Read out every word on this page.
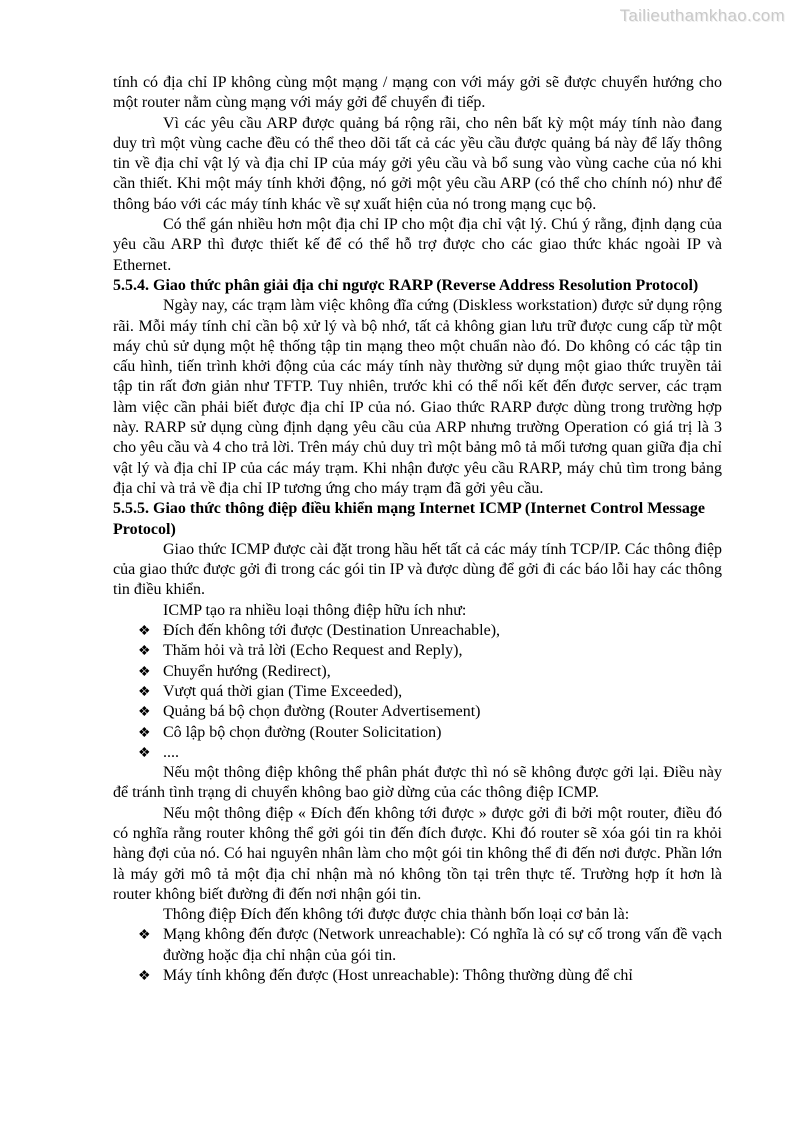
Tailieuthamkhao.com

tính có địa chỉ IP không cùng một mạng / mạng con với máy gởi sẽ được chuyển hướng cho một router nằm cùng mạng với máy gởi để chuyển đi tiếp.

Vì các yêu cầu ARP được quảng bá rộng rãi, cho nên bất kỳ một máy tính nào đang duy trì một vùng cache đều có thể theo dõi tất cả các yều cầu được quảng bá này để lấy thông tin về địa chỉ vật lý và địa chỉ IP của máy gởi yêu cầu và bổ sung vào vùng cache của nó khi cần thiết. Khi một máy tính khởi động, nó gởi một yêu cầu ARP (có thể cho chính nó) như để thông báo với các máy tính khác về sự xuất hiện của nó trong mạng cục bộ.

Có thể gán nhiều hơn một địa chỉ IP cho một địa chỉ vật lý. Chú ý rằng, định dạng của yêu cầu ARP thì được thiết kế để có thể hỗ trợ được cho các giao thức khác ngoài IP và Ethernet.

5.5.4. Giao thức phân giải địa chỉ ngược RARP (Reverse Address Resolution Protocol)

Ngày nay, các trạm làm việc không đĩa cứng (Diskless workstation) được sử dụng rộng rãi. Mỗi máy tính chỉ cần bộ xử lý và bộ nhớ, tất cả không gian lưu trữ được cung cấp từ một máy chủ sử dụng một hệ thống tập tin mạng theo một chuẩn nào đó. Do không có các tập tin cấu hình, tiến trình khởi động của các máy tính này thường sử dụng một giao thức truyền tải tập tin rất đơn giản như TFTP. Tuy nhiên, trước khi có thể nối kết đến được server, các trạm làm việc cần phải biết được địa chỉ IP của nó. Giao thức RARP được dùng trong trường hợp này. RARP sử dụng cùng định dạng yêu cầu của ARP nhưng trường Operation có giá trị là 3 cho yêu cầu và 4 cho trả lời. Trên máy chủ duy trì một bảng mô tả mối tương quan giữa địa chỉ vật lý và địa chỉ IP của các máy trạm. Khi nhận được yêu cầu RARP, máy chủ tìm trong bảng địa chỉ và trả về địa chỉ IP tương ứng cho máy trạm đã gởi yêu cầu.

5.5.5. Giao thức thông điệp điều khiển mạng Internet ICMP (Internet Control Message Protocol)

Giao thức ICMP được cài đặt trong hầu hết tất cả các máy tính TCP/IP. Các thông điệp của giao thức được gởi đi trong các gói tin IP và được dùng để gởi đi các báo lỗi hay các thông tin điều khiển.

ICMP tạo ra nhiều loại thông điệp hữu ích như:

❖ Đích đến không tới được (Destination Unreachable),
❖ Thăm hỏi và trả lời (Echo Request and Reply),
❖ Chuyển hướng (Redirect),
❖ Vượt quá thời gian (Time Exceeded),
❖ Quảng bá bộ chọn đường (Router Advertisement)
❖ Cô lập bộ chọn đường (Router Solicitation)
❖ ....

Nếu một thông điệp không thể phân phát được thì nó sẽ không được gởi lại. Điều này để tránh tình trạng di chuyển không bao giờ dừng của các thông điệp ICMP.

Nếu một thông điệp « Đích đến không tới được » được gởi đi bởi một router, điều đó có nghĩa rằng router không thể gởi gói tin đến đích được. Khi đó router sẽ xóa gói tin ra khỏi hàng đợi của nó. Có hai nguyên nhân làm cho một gói tin không thể đi đến nơi được. Phần lớn là máy gởi mô tả một địa chỉ nhận mà nó không tồn tại trên thực tế. Trường hợp ít hơn là router không biết đường đi đến nơi nhận gói tin.

Thông điệp Đích đến không tới được được chia thành bốn loại cơ bản là:

❖ Mạng không đến được (Network unreachable): Có nghĩa là có sự cố trong vấn đề vạch đường hoặc địa chỉ nhận của gói tin.
❖ Máy tính không đến được (Host unreachable): Thông thường dùng để chỉ
